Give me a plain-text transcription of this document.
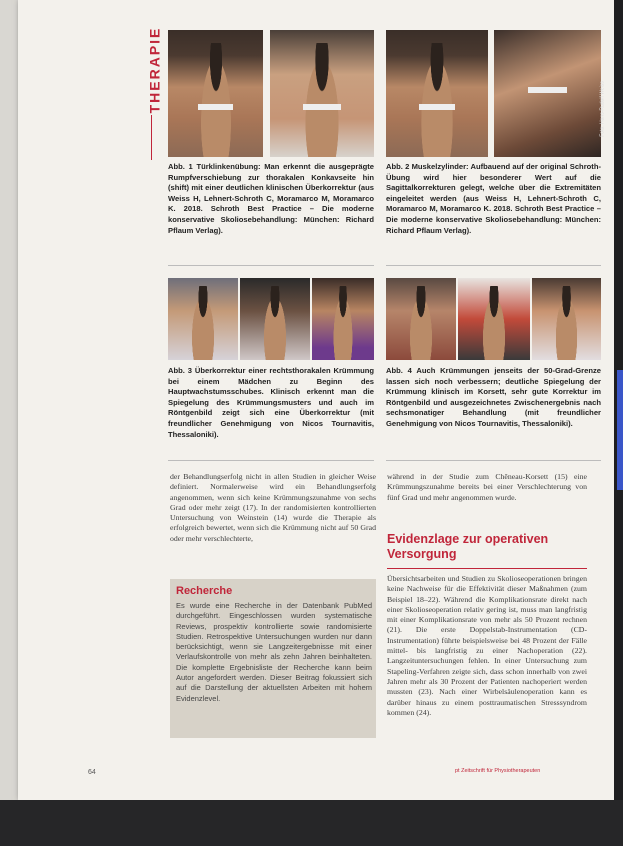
THERAPIE	Foto: Hans-Rudolf Weiss
Abb. 1 Türklinkenübung: Man erkennt die ausgeprägte Rumpfverschiebung zur thorakalen Konkavseite hin (shift) mit einer deutlichen klinischen Überkorrektur (aus Weiss H, Lehnert-Schroth C, Moramarco M, Moramarco K. 2018. Schroth Best Practice – Die moderne konservative Skoliosebehandlung: München: Richard Pflaum Verlag).
Abb. 2 Muskelzylinder: Aufbauend auf der original Schroth-Übung wird hier besonderer Wert auf die Sagittalkorrekturen gelegt, welche über die Extremitäten eingeleitet werden (aus Weiss H, Lehnert-Schroth C, Moramarco M, Moramarco K. 2018. Schroth Best Practice – Die moderne konservative Skoliosebehandlung: München: Richard Pflaum Verlag).
Abb. 3 Überkorrektur einer rechtsthorakalen Krümmung bei einem Mädchen zu Beginn des Hauptwachstumsschubes. Klinisch erkennt man die Spiegelung des Krümmungsmusters und auch im Röntgenbild zeigt sich eine Überkorrektur (mit freundlicher Genehmigung von Nicos Tournavitis, Thessaloniki).
Abb. 4 Auch Krümmungen jenseits der 50-Grad-Grenze lassen sich noch verbessern; deutliche Spiegelung der Krümmung klinisch im Korsett, sehr gute Korrektur im Röntgenbild und ausgezeichnetes Zwischenergebnis nach sechsmonatiger Behandlung (mit freundlicher Genehmigung von Nicos Tournavitis, Thessaloniki).
der Behandlungserfolg nicht in allen Studien in gleicher Weise definiert. Normalerweise wird ein Behandlungserfolg angenommen, wenn sich keine Krümmungszunahme von sechs Grad oder mehr zeigt (17). In der randomisierten kontrollierten Untersuchung von Weinstein (14) wurde die Therapie als erfolgreich bewertet, wenn sich die Krümmung nicht auf 50 Grad oder mehr verschlechterte,
während in der Studie zum Chêneau-Korsett (15) eine Krümmungszunahme bereits bei einer Verschlechterung von fünf Grad und mehr angenommen wurde.
Evidenzlage zur operativen Versorgung
Übersichtsarbeiten und Studien zu Skolioseoperationen bringen keine Nachweise für die Effektivität dieser Maßnahmen (zum Beispiel 18–22). Während die Komplikationsrate direkt nach einer Skolioseoperation relativ gering ist, muss man langfristig mit einer Komplikationsrate von mehr als 50 Prozent rechnen (21). Die erste Doppelstab-Instrumentation (CD-Instrumentation) führte beispielsweise bei 48 Prozent der Fälle mittel- bis langfristig zu einer Nachoperation (22). Langzeituntersuchungen fehlen. In einer Untersuchung zum Stapeling-Verfahren zeigte sich, dass schon innerhalb von zwei Jahren mehr als 30 Prozent der Patienten nachoperiert werden mussten (23). Nach einer Wirbelsäulenoperation kann es darüber hinaus zu einem posttraumatischen Stresssyndrom kommen (24).
Recherche
Es wurde eine Recherche in der Datenbank PubMed durchgeführt. Eingeschlossen wurden systematische Reviews, prospektiv kontrollierte sowie randomisierte Studien. Retrospektive Untersuchungen wurden nur dann berücksichtigt, wenn sie Langzeitergebnisse mit einer Verlaufskontrolle von mehr als zehn Jahren beinhalteten. Die komplette Ergebnisliste der Recherche kann beim Autor angefordert werden. Dieser Beitrag fokussiert sich auf die Darstellung der aktuellsten Arbeiten mit hohem Evidenzlevel.
64	pt Zeitschrift für Physiotherapeuten
